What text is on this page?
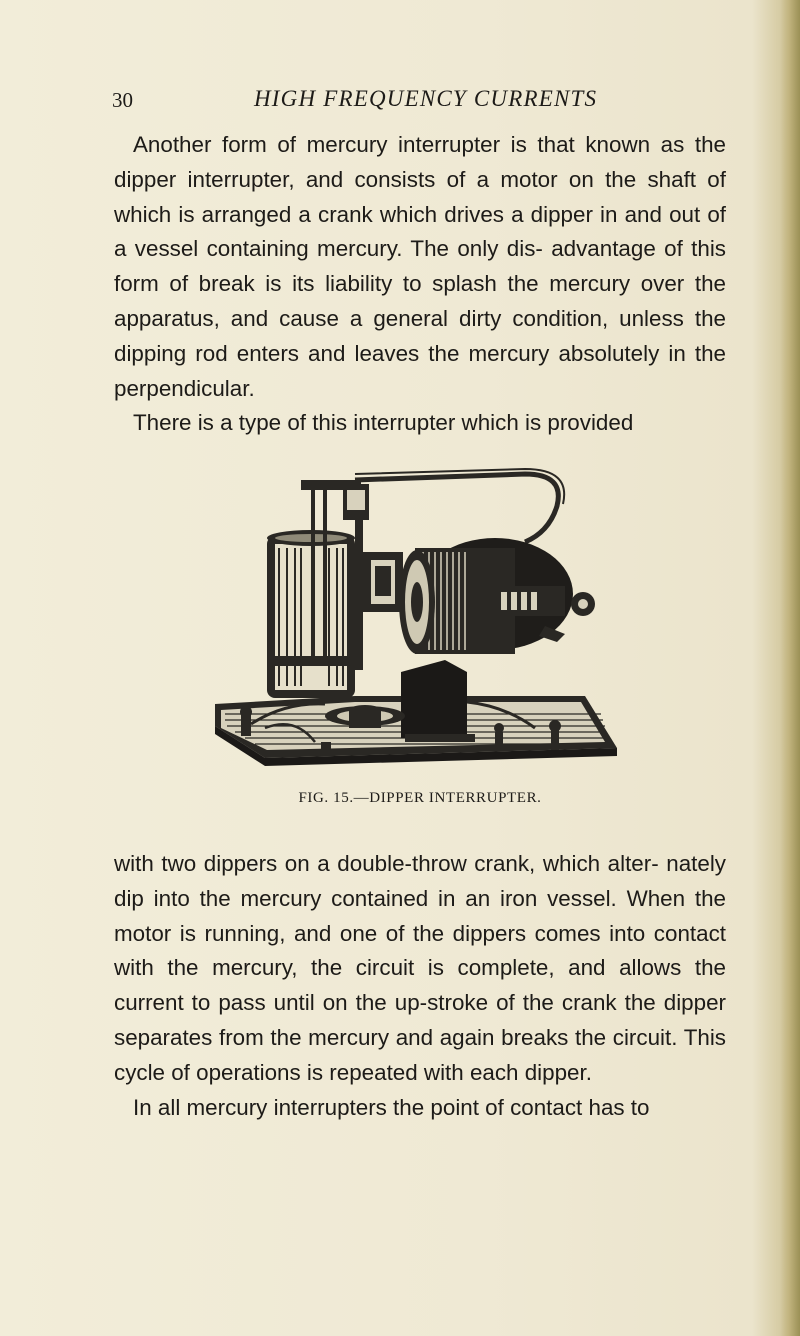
30	HIGH FREQUENCY CURRENTS

Another form of mercury interrupter is that known as the dipper interrupter, and consists of a motor on the shaft of which is arranged a crank which drives a dipper in and out of a vessel containing mercury. The only dis- advantage of this form of break is its liability to splash the mercury over the apparatus, and cause a general dirty condition, unless the dipping rod enters and leaves the mercury absolutely in the perpendicular.

There is a type of this interrupter which is provided

FIG. 15.—DIPPER INTERRUPTER.

with two dippers on a double-throw crank, which alter- nately dip into the mercury contained in an iron vessel. When the motor is running, and one of the dippers comes into contact with the mercury, the circuit is complete, and allows the current to pass until on the up-stroke of the crank the dipper separates from the mercury and again breaks the circuit. This cycle of operations is repeated with each dipper.

In all mercury interrupters the point of contact has to
